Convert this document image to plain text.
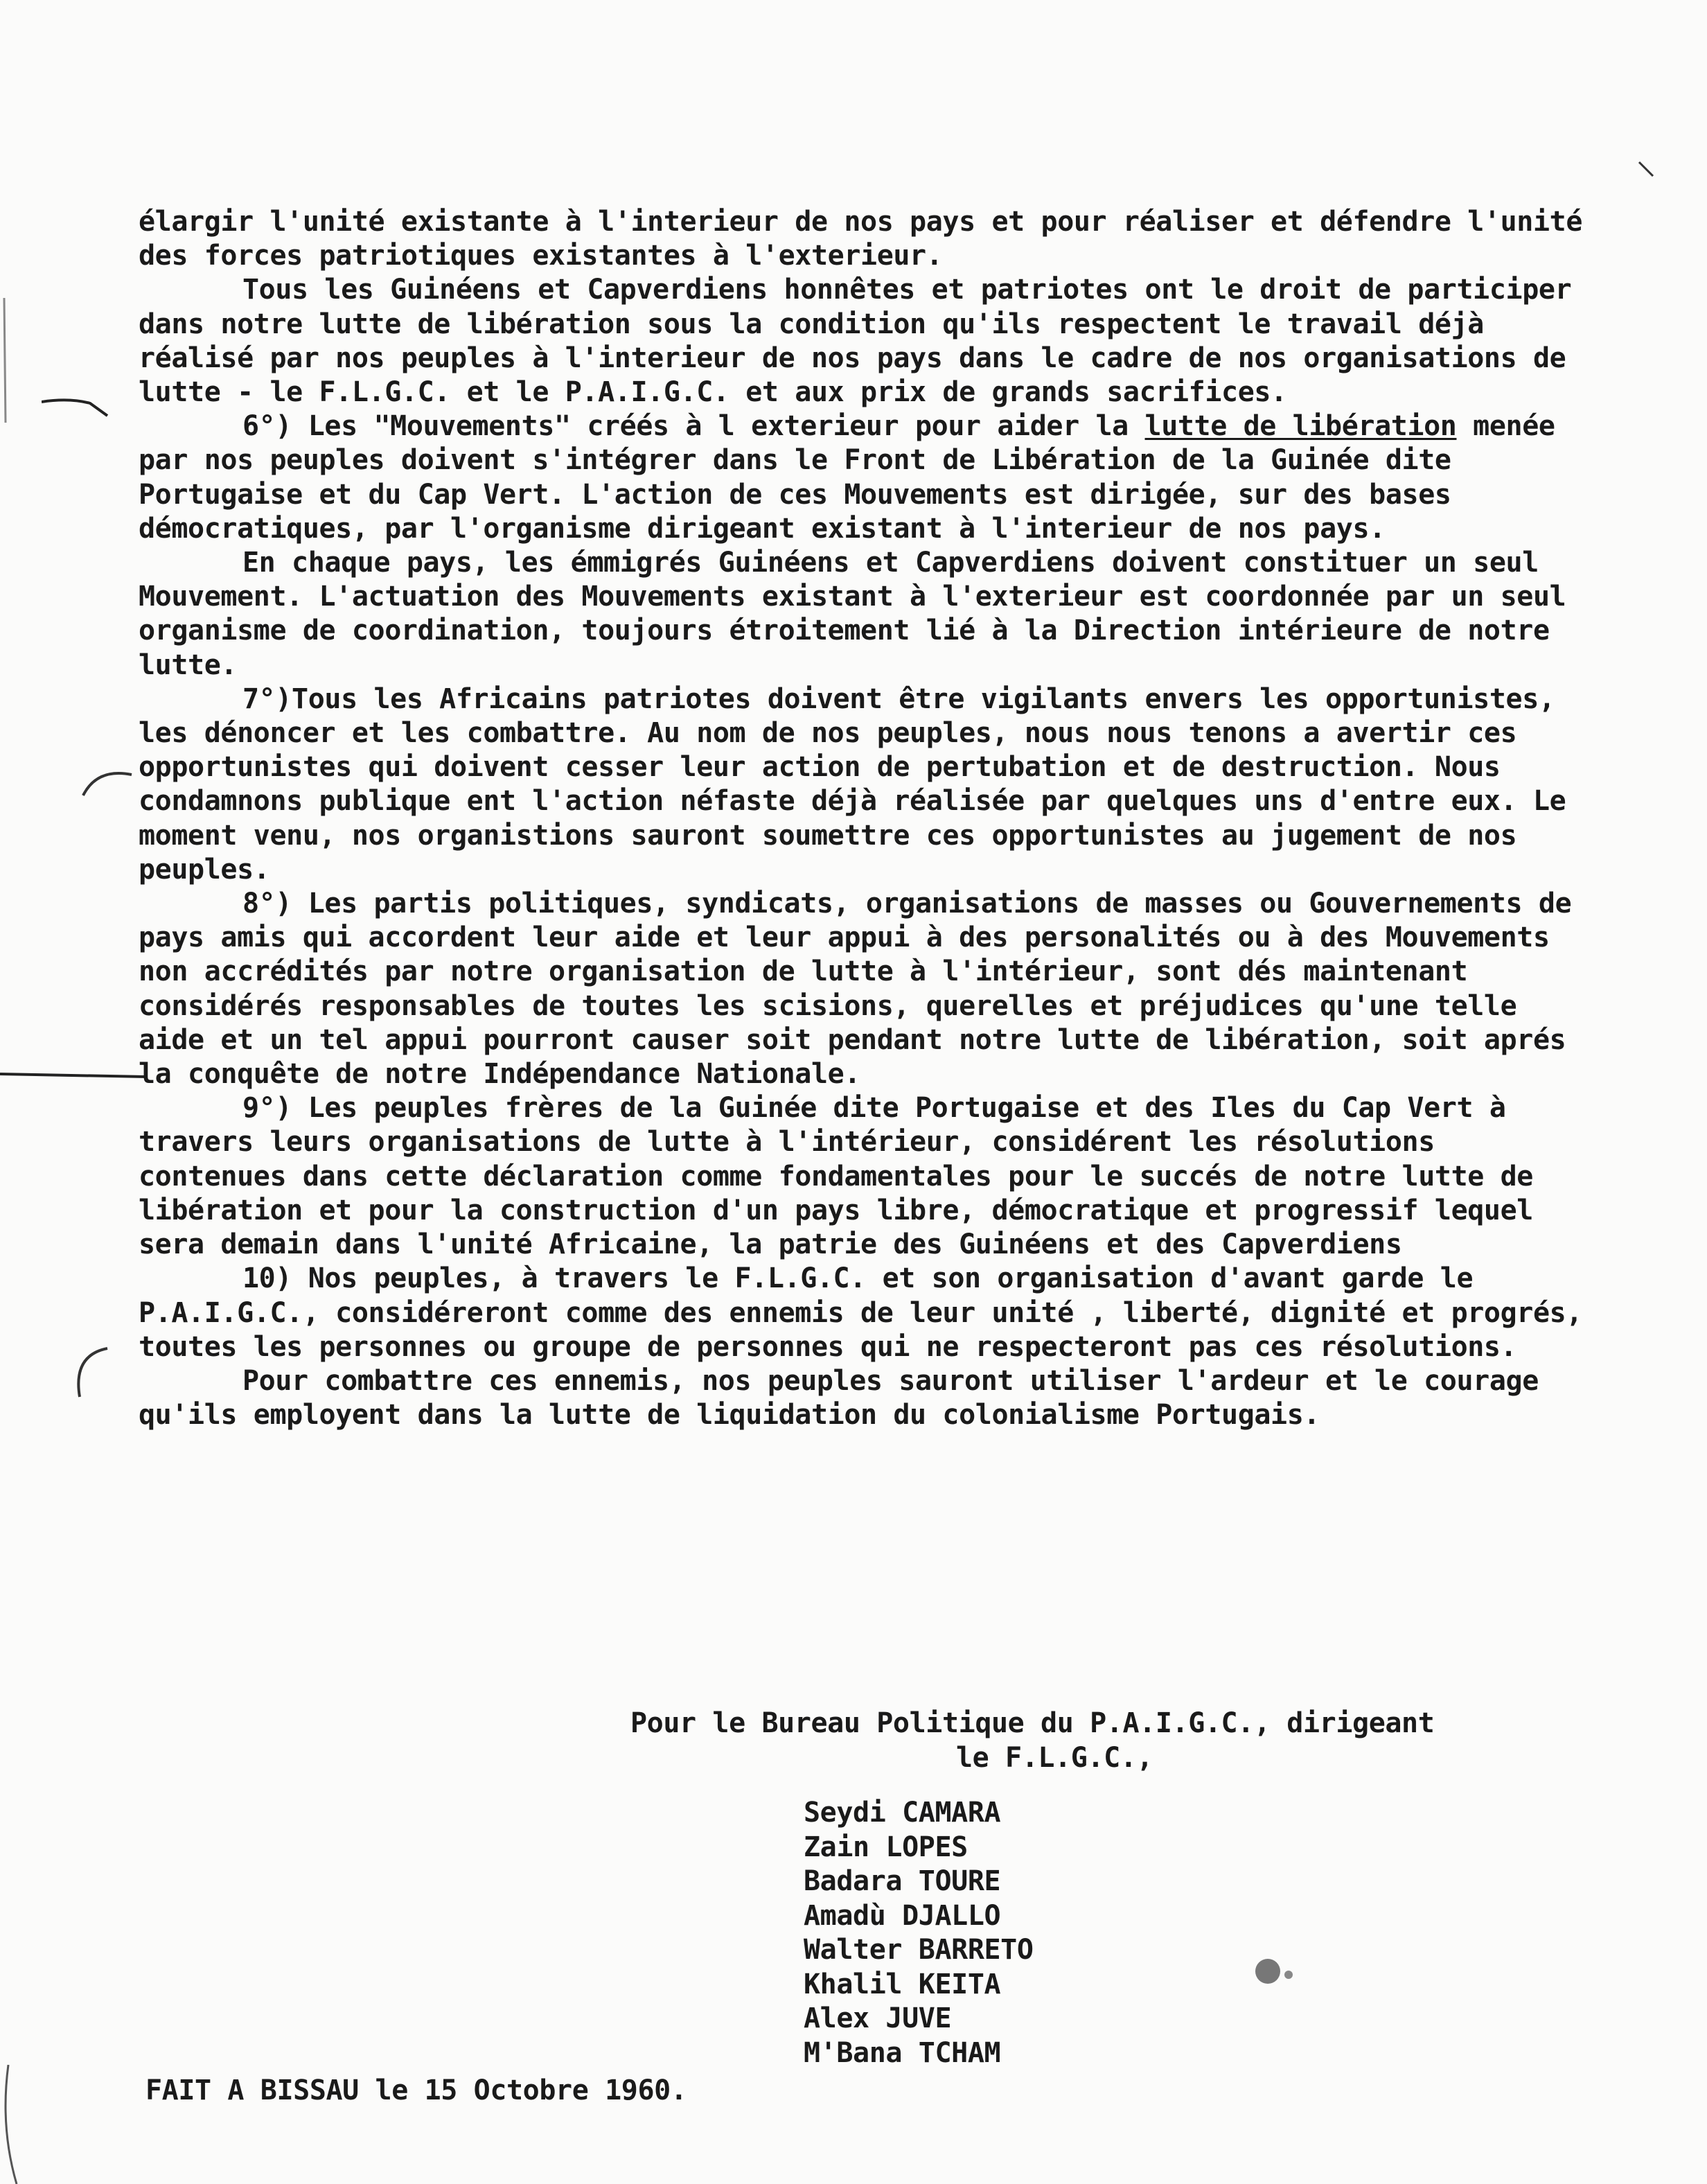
élargir l'unité existante à l'interieur de nos pays et pour réaliser et défendre l'unité des forces patriotiques existantes à l'exterieur.

Tous les Guinéens et Capverdiens honnêtes et patriotes ont le droit de participer dans notre lutte de libération sous la condition qu'ils respectent le travail déjà réalisé par nos peuples à l'interieur de nos pays dans le cadre de nos organisations de lutte - le F.L.G.C. et le P.A.I.G.C. et aux prix de grands sacrifices.

6°) Les "Mouvements" créés à l exterieur pour aider la lutte de libération menée par nos peuples doivent s'intégrer dans le Front de Libération de la Guinée dite Portugaise et du Cap Vert. L'action de ces Mouvements est dirigée, sur des bases démocratiques, par l'organisme dirigeant existant à l'interieur de nos pays.

En chaque pays, les émmigrés Guinéens et Capverdiens doivent constituer un seul Mouvement. L'actuation des Mouvements existant à l'exterieur est coordonnée par un seul organisme de coordination, toujours étroitement lié à la Direction intérieure de notre lutte.

7°)Tous les Africains patriotes doivent être vigilants envers les opportunistes, les dénoncer et les combattre. Au nom de nos peuples, nous nous tenons a avertir ces opportunistes qui doivent cesser leur action de pertubation et de destruction. Nous condamnons publique ent l'action néfaste déjà réalisée par quelques uns d'entre eux. Le moment venu, nos organistions sauront soumettre ces opportunistes au jugement de nos peuples.

8°) Les partis politiques, syndicats, organisations de masses ou Gouvernements de pays amis qui accordent leur aide et leur appui à des personalités ou à des Mouvements non accrédités par notre organisation de lutte à l'intérieur, sont dés maintenant considérés responsables de toutes les scisions, querelles et préjudices qu'une telle aide et un tel appui pourront causer soit pendant notre lutte de libération, soit aprés la conquête de notre Indépendance Nationale.

9°) Les peuples frères de la Guinée dite Portugaise et des Iles du Cap Vert à travers leurs organisations de lutte à l'intérieur, considérent les résolutions contenues dans cette déclaration comme fondamentales pour le succés de notre lutte de libération et pour la construction d'un pays libre, démocratique et progressif lequel sera demain dans l'unité Africaine, la patrie des Guinéens et des Capverdiens

10) Nos peuples, à travers le F.L.G.C. et son organisation d'avant garde le P.A.I.G.C., considéreront comme des ennemis de leur unité , liberté, dignité et progrés, toutes les personnes ou groupe de personnes qui ne respecteront pas ces résolutions.

Pour combattre ces ennemis, nos peuples sauront utiliser l'ardeur et le courage qu'ils employent dans la lutte de liquidation du colonialisme Portugais.

Pour le Bureau Politique du P.A.I.G.C., dirigeant

le F.L.G.C.,

Seydi CAMARA
Zain LOPES
Badara TOURE
Amadù DJALLO
Walter BARRETO
Khalil KEITA
Alex JUVE
M'Bana TCHAM
FAIT A BISSAU le 15 Octobre 1960.
